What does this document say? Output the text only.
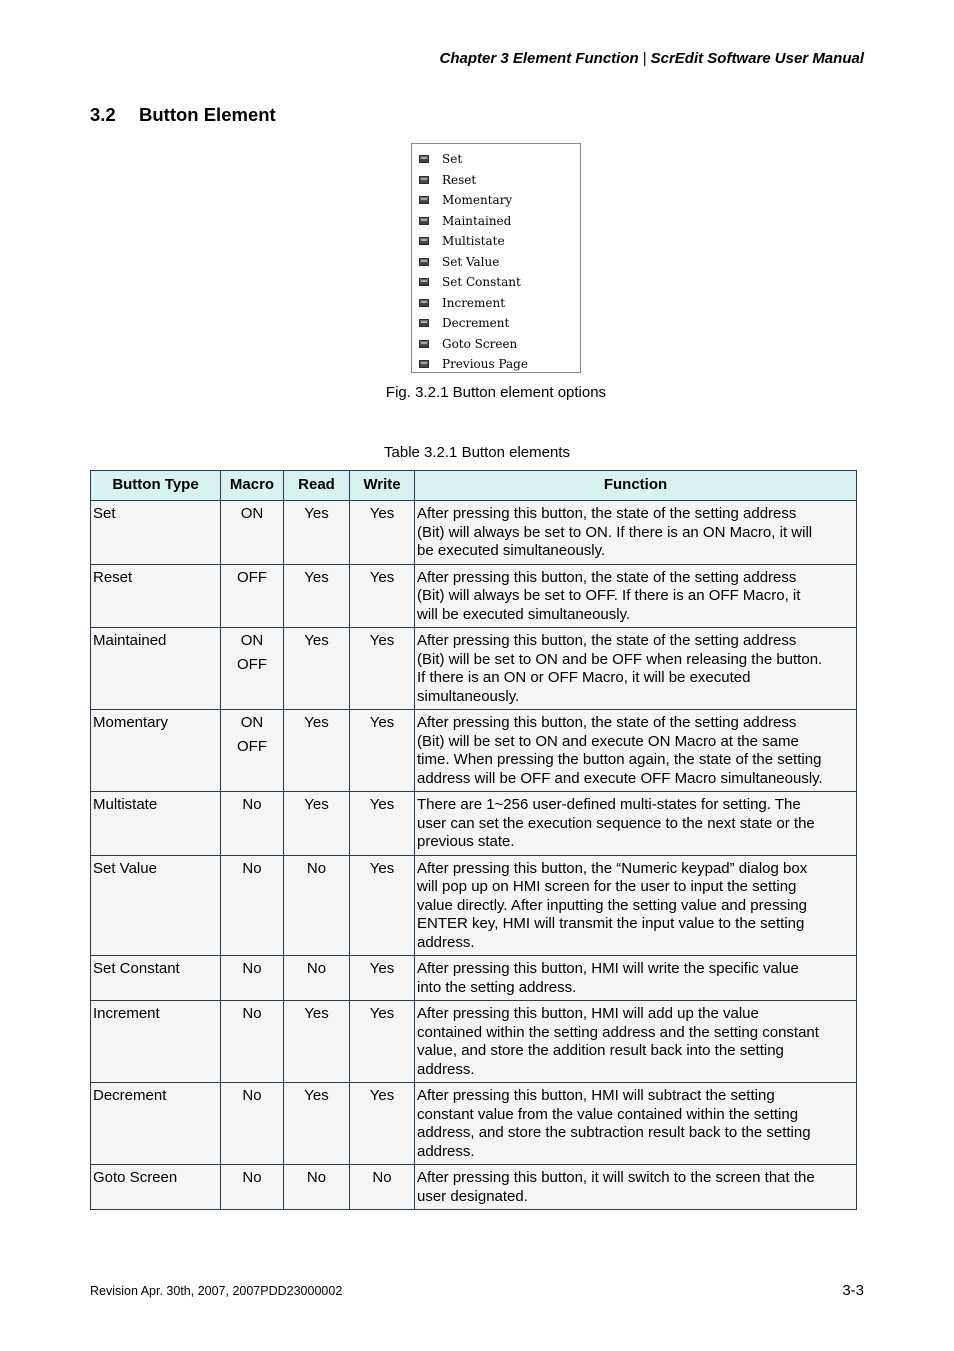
Chapter 3 Element Function | ScrEdit Software User Manual
3.2 Button Element
Set
Reset
Momentary
Maintained
Multistate
Set Value
Set Constant
Increment
Decrement
Goto Screen
Previous Page
Fig. 3.2.1 Button element options
Table 3.2.1 Button elements
Button Type	Macro	Read	Write	Function
Set	ON	Yes	Yes	After pressing this button, the state of the setting address
(Bit) will always be set to ON. If there is an ON Macro, it will
be executed simultaneously.

Reset	OFF	Yes	Yes	After pressing this button, the state of the setting address
(Bit) will always be set to OFF. If there is an OFF Macro, it
will be executed simultaneously.

Maintained	ON
OFF	Yes	Yes	After pressing this button, the state of the setting address
(Bit) will be set to ON and be OFF when releasing the button.
If there is an ON or OFF Macro, it will be executed
simultaneously.

Momentary	ON
OFF	Yes	Yes	After pressing this button, the state of the setting address
(Bit) will be set to ON and execute ON Macro at the same
time. When pressing the button again, the state of the setting
address will be OFF and execute OFF Macro simultaneously.

Multistate	No	Yes	Yes	There are 1~256 user-defined multi-states for setting. The
user can set the execution sequence to the next state or the
previous state.

Set Value	No	No	Yes	After pressing this button, the “Numeric keypad” dialog box
will pop up on HMI screen for the user to input the setting
value directly. After inputting the setting value and pressing
ENTER key, HMI will transmit the input value to the setting
address.

Set Constant	No	No	Yes	After pressing this button, HMI will write the specific value
into the setting address.

Increment	No	Yes	Yes	After pressing this button, HMI will add up the value
contained within the setting address and the setting constant
value, and store the addition result back into the setting
address.

Decrement	No	Yes	Yes	After pressing this button, HMI will subtract the setting
constant value from the value contained within the setting
address, and store the subtraction result back to the setting
address.

Goto Screen	No	No	No	After pressing this button, it will switch to the screen that the
user designated.
Revision Apr. 30th, 2007, 2007PDD23000002	3-3
